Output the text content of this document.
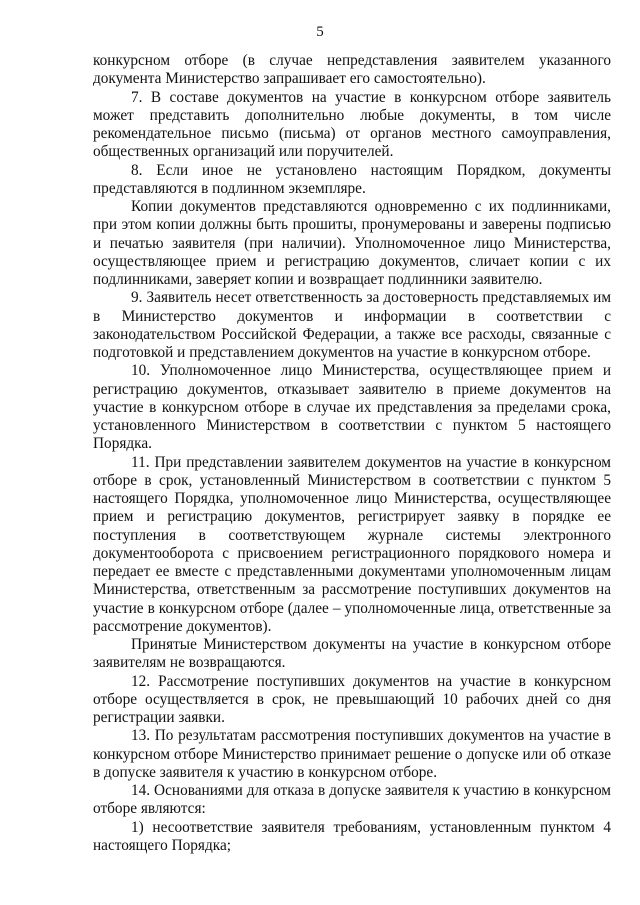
5

конкурсном отборе (в случае непредставления заявителем указанного документа Министерство запрашивает его самостоятельно).

7. В составе документов на участие в конкурсном отборе заявитель может представить дополнительно любые документы, в том числе рекомендательное письмо (письма) от органов местного самоуправления, общественных организаций или поручителей.

8. Если иное не установлено настоящим Порядком, документы представляются в подлинном экземпляре.

Копии документов представляются одновременно с их подлинниками, при этом копии должны быть прошиты, пронумерованы и заверены подписью и печатью заявителя (при наличии). Уполномоченное лицо Министерства, осуществляющее прием и регистрацию документов, сличает копии с их подлинниками, заверяет копии и возвращает подлинники заявителю.

9. Заявитель несет ответственность за достоверность представляемых им в Министерство документов и информации в соответствии с законодательством Российской Федерации, а также все расходы, связанные с подготовкой и представлением документов на участие в конкурсном отборе.

10. Уполномоченное лицо Министерства, осуществляющее прием и регистрацию документов, отказывает заявителю в приеме документов на участие в конкурсном отборе в случае их представления за пределами срока, установленного Министерством в соответствии с пунктом 5 настоящего Порядка.

11. При представлении заявителем документов на участие в конкурсном отборе в срок, установленный Министерством в соответствии с пунктом 5 настоящего Порядка, уполномоченное лицо Министерства, осуществляющее прием и регистрацию документов, регистрирует заявку в порядке ее поступления в соответствующем журнале системы электронного документооборота с присвоением регистрационного порядкового номера и передает ее вместе с представленными документами уполномоченным лицам Министерства, ответственным за рассмотрение поступивших документов на участие в конкурсном отборе (далее – уполномоченные лица, ответственные за рассмотрение документов).

Принятые Министерством документы на участие в конкурсном отборе заявителям не возвращаются.

12. Рассмотрение поступивших документов на участие в конкурсном отборе осуществляется в срок, не превышающий 10 рабочих дней со дня регистрации заявки.

13. По результатам рассмотрения поступивших документов на участие в конкурсном отборе Министерство принимает решение о допуске или об отказе в допуске заявителя к участию в конкурсном отборе.

14. Основаниями для отказа в допуске заявителя к участию в конкурсном отборе являются:

1) несоответствие заявителя требованиям, установленным пунктом 4 настоящего Порядка;
